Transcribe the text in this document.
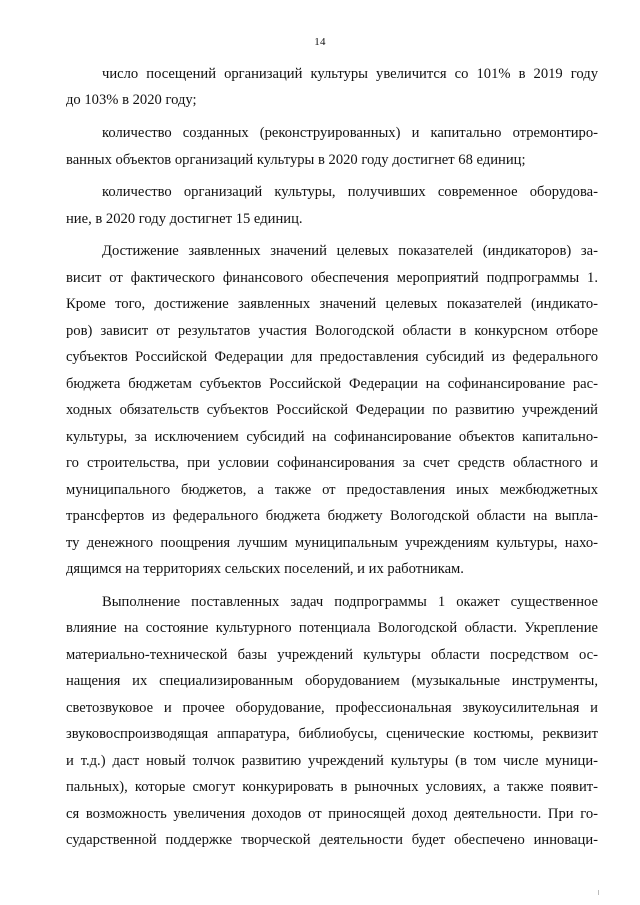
14
число посещений организаций культуры увеличится со 101% в 2019 году
до 103% в 2020 году;
количество созданных (реконструированных) и капитально отремонтиро-
ванных объектов организаций культуры в 2020 году достигнет 68 единиц;
количество организаций культуры, получивших современное оборудова-
ние, в 2020 году достигнет 15 единиц.
Достижение заявленных значений целевых показателей (индикаторов) за-
висит от фактического финансового обеспечения мероприятий подпрограммы 1.
Кроме того, достижение заявленных значений целевых показателей (индикато-
ров) зависит от результатов участия Вологодской области в конкурсном отборе
субъектов Российской Федерации для предоставления субсидий из федерального
бюджета бюджетам субъектов Российской Федерации на софинансирование рас-
ходных обязательств субъектов Российской Федерации по развитию учреждений
культуры, за исключением субсидий на софинансирование объектов капитально-
го строительства, при условии софинансирования за счет средств областного и
муниципального бюджетов, а также от предоставления иных межбюджетных
трансфертов из федерального бюджета бюджету Вологодской области на выпла-
ту денежного поощрения лучшим муниципальным учреждениям культуры, нахо-
дящимся на территориях сельских поселений, и их работникам.
Выполнение поставленных задач подпрограммы 1 окажет существенное
влияние на состояние культурного потенциала Вологодской области. Укрепление
материально-технической базы учреждений культуры области посредством ос-
нащения их специализированным оборудованием (музыкальные инструменты,
светозвуковое и прочее оборудование, профессиональная звукоусилительная и
звуковоспроизводящая аппаратура, библиобусы, сценические костюмы, реквизит
и т.д.) даст новый толчок развитию учреждений культуры (в том числе муници-
пальных), которые смогут конкурировать в рыночных условиях, а также появит-
ся возможность увеличения доходов от приносящей доход деятельности. При го-
сударственной поддержке творческой деятельности будет обеспечено инноваци-
